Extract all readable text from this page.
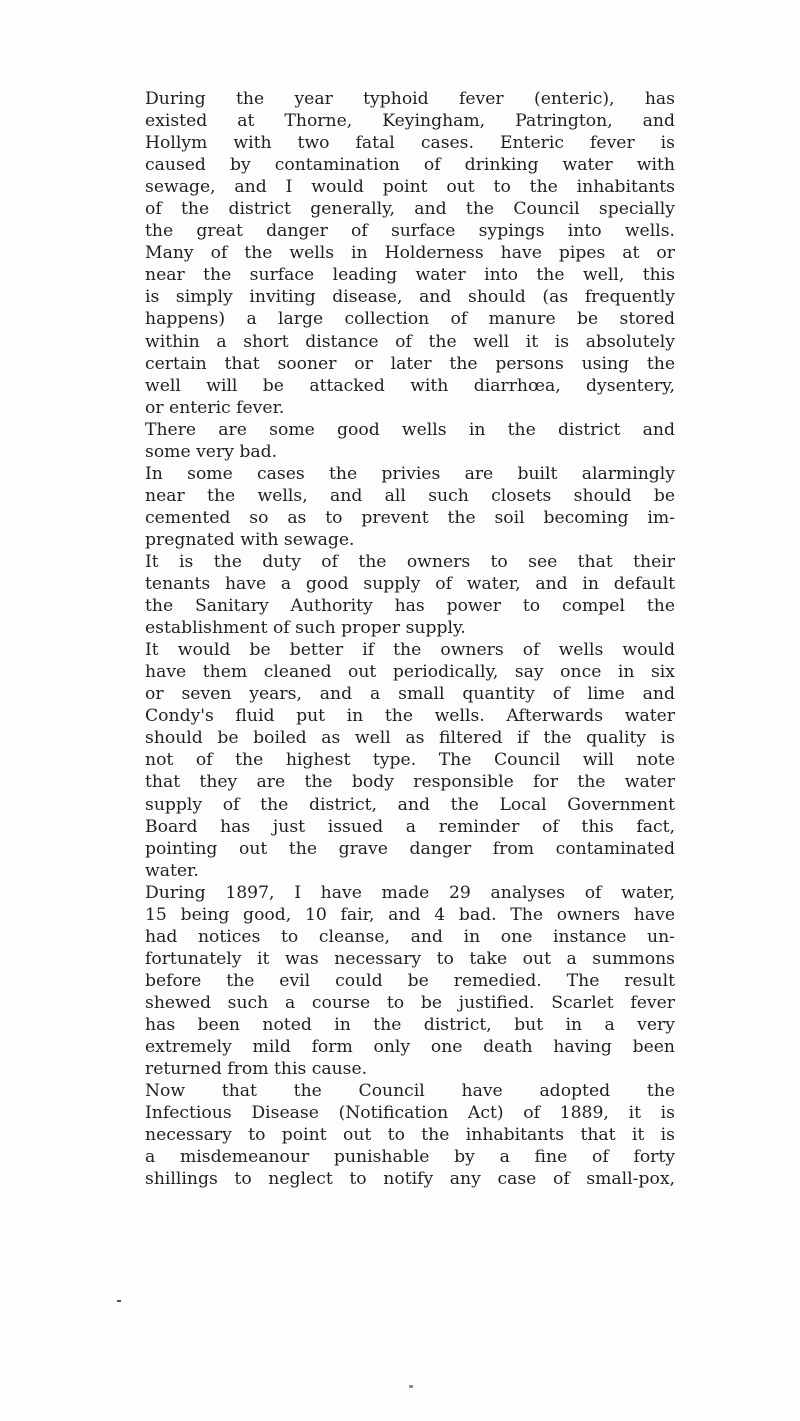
During the year typhoid fever (enteric), has
existed at Thorne, Keyingham, Patrington, and
Hollym with two fatal cases. Enteric fever is
caused by contamination of drinking water with
sewage, and I would point out to the inhabitants
of the district generally, and the Council specially
the great danger of surface sypings into wells.
Many of the wells in Holderness have pipes at or
near the surface leading water into the well, this
is simply inviting disease, and should (as frequently
happens) a large collection of manure be stored
within a short distance of the well it is absolutely
certain that sooner or later the persons using the
well will be attacked with diarrhœa, dysentery,
or enteric fever.
There are some good wells in the district and
some very bad.
In some cases the privies are built alarmingly
near the wells, and all such closets should be
cemented so as to prevent the soil becoming im-
pregnated with sewage.
It is the duty of the owners to see that their
tenants have a good supply of water, and in default
the Sanitary Authority has power to compel the
establishment of such proper supply.
It would be better if the owners of wells would
have them cleaned out periodically, say once in six
or seven years, and a small quantity of lime and
Condy's fluid put in the wells. Afterwards water
should be boiled as well as filtered if the quality is
not of the highest type. The Council will note
that they are the body responsible for the water
supply of the district, and the Local Government
Board has just issued a reminder of this fact,
pointing out the grave danger from contaminated
water.
During 1897, I have made 29 analyses of water,
15 being good, 10 fair, and 4 bad. The owners have
had notices to cleanse, and in one instance un-
fortunately it was necessary to take out a summons
before the evil could be remedied. The result
shewed such a course to be justified. Scarlet fever
has been noted in the district, but in a very
extremely mild form only one death having been
returned from this cause.
Now that the Council have adopted the
Infectious Disease (Notification Act) of 1889, it is
necessary to point out to the inhabitants that it is
a misdemeanour punishable by a fine of forty
shillings to neglect to notify any case of small-pox,
